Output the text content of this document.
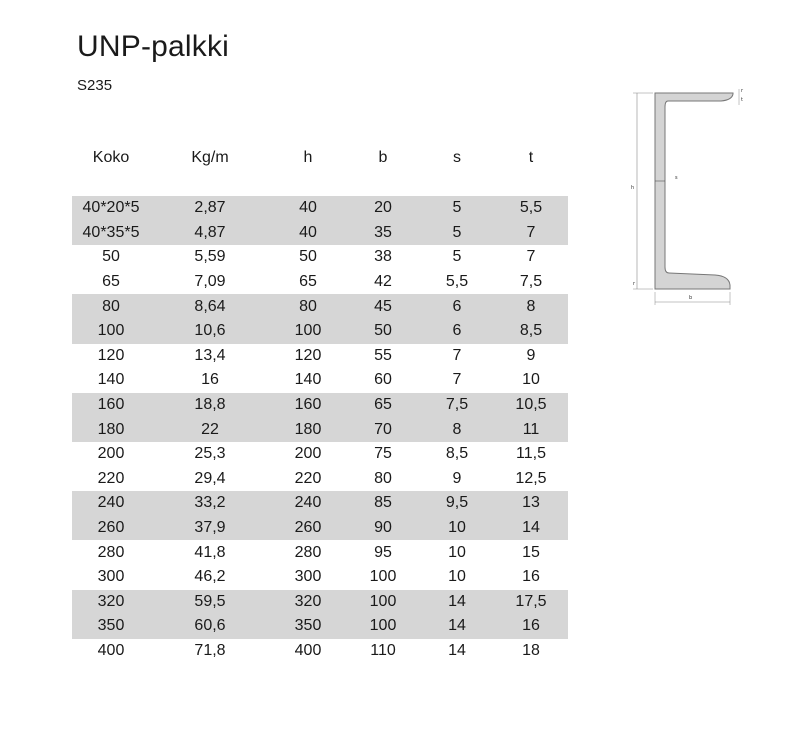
UNP-palkki

S235

Koko	Kg/m	h	b	s	t
40*20*5	2,87	40	20	5	5,5
40*35*5	4,87	40	35	5	7
50	5,59	50	38	5	7
65	7,09	65	42	5,5	7,5
80	8,64	80	45	6	8
100	10,6	100	50	6	8,5
120	13,4	120	55	7	9
140	16	140	60	7	10
160	18,8	160	65	7,5	10,5
180	22	180	70	8	11
200	25,3	200	75	8,5	11,5
220	29,4	220	80	9	12,5
240	33,2	240	85	9,5	13
260	37,9	260	90	10	14
280	41,8	280	95	10	15
300	46,2	300	100	10	16
320	59,5	320	100	14	17,5
350	60,6	350	100	14	16
400	71,8	400	110	14	18
h
b
s
t
r
r
